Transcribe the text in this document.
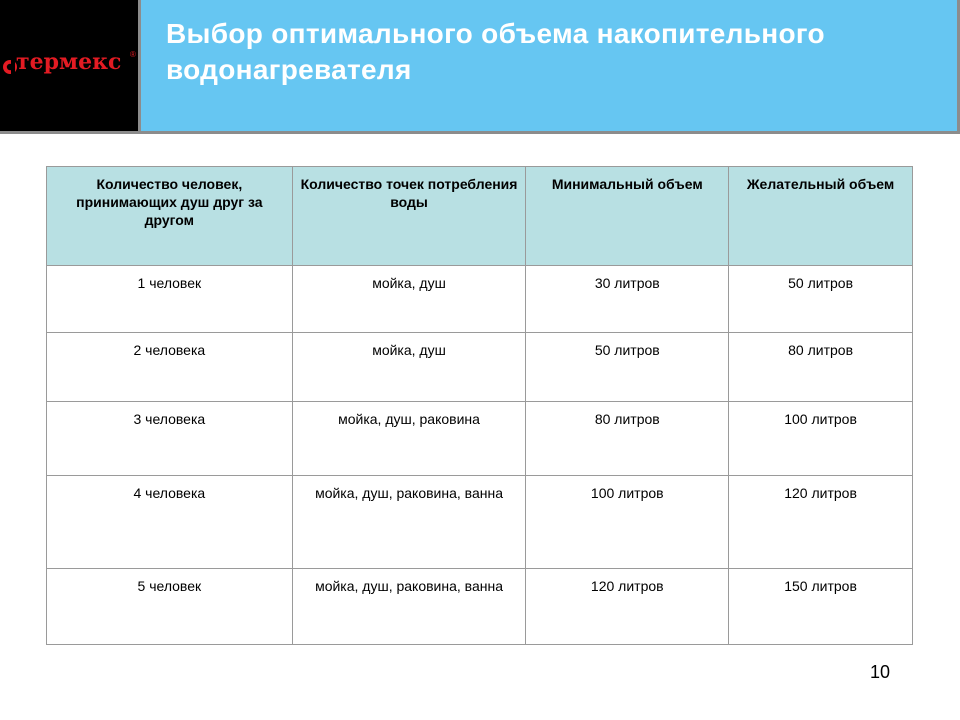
термекс ®
Выбор оптимального объема накопительного водонагревателя
Количество человек, принимающих душ друг за другом	Количество точек потребления воды	Минимальный объем	Желательный объем
1 человек	мойка, душ	30 литров	50 литров
2 человека	мойка, душ	50 литров	80 литров
3 человека	мойка, душ, раковина	80 литров	100 литров
4 человека	мойка, душ, раковина, ванна	100 литров	120 литров
5 человек	мойка, душ, раковина, ванна	120 литров	150 литров
10
